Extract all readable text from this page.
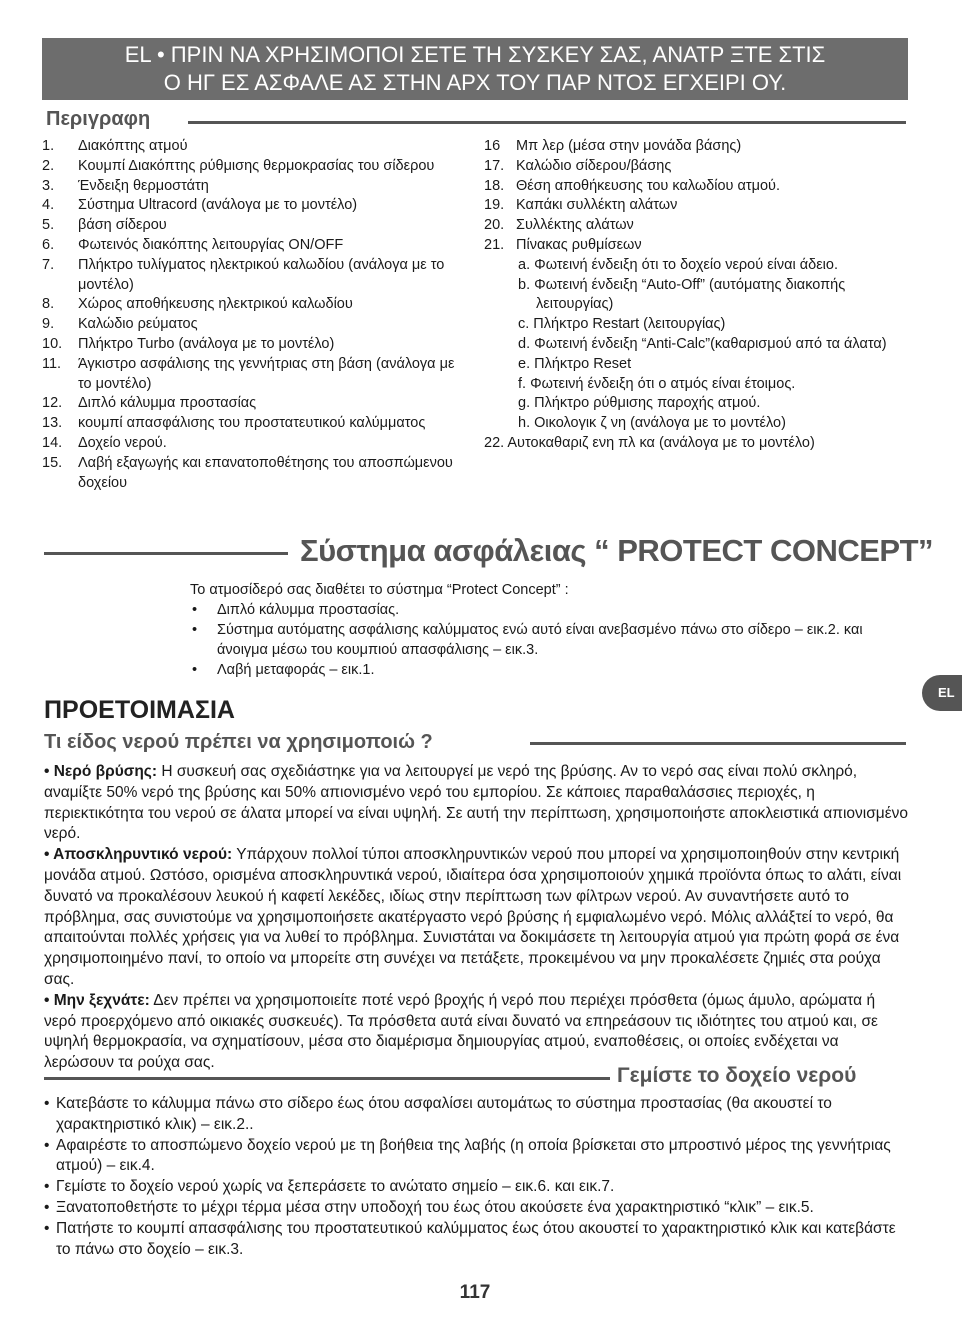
EL • ΠΡΙΝ ΝΑ ΧΡΗΣΙΜΟΠΟΙ ΣΕΤΕ ΤΗ ΣΥΣΚΕΥ ΣΑΣ, ΑΝΑΤΡ ΞΤΕ ΣΤΙΣ
Ο ΗΓ ΕΣ ΑΣΦΑΛΕ ΑΣ ΣΤΗΝ ΑΡΧ ΤΟΥ ΠΑΡ ΝΤΟΣ ΕΓΧΕΙΡΙ ΟΥ.
Περιγραφη
1.	Διακόπτης ατμού
2.	Κουμπί Διακόπτης ρύθμισης θερμοκρασίας του σίδερου
3.	Ένδειξη θερμοστάτη
4.	Σύστημα Ultracord (ανάλογα με το μοντέλο)
5.	βάση σίδερου
6.	Φωτεινός διακόπτης λειτουργίας ON/OFF
7.	Πλήκτρο τυλίγματος ηλεκτρικού καλωδίου (ανάλογα με το μοντέλο)
8.	Χώρος αποθήκευσης ηλεκτρικού καλωδίου
9.	Καλώδιο ρεύματος
10.	Πλήκτρο Turbo (ανάλογα με το μοντέλο)
11.	Άγκιστρο ασφάλισης της γεννήτριας στη βάση (ανάλογα με το μοντέλο)
12.	Διπλό κάλυμμα προστασίας
13.	κουμπί απασφάλισης του προστατευτικού καλύμματος
14.	Δοχείο νερού.
15.	Λαβή εξαγωγής και επανατοποθέτησης του αποσπώμενου δοχείου
16	Μπ λερ (μέσα στην μονάδα βάσης)
17. Καλώδιο σίδερου/βάσης
18. Θέση αποθήκευσης του καλωδίου ατμού.
19. Καπάκι συλλέκτη αλάτων
20. Συλλέκτης αλάτων
21. Πίνακας ρυθμίσεων
a. Φωτεινή ένδειξη ότι το δοχείο νερού είναι άδειο.
b. Φωτεινή ένδειξη “Auto-Off” (αυτόματης διακοπής λειτουργίας)
c. Πλήκτρο Restart (λειτουργίας)
d. Φωτεινή ένδειξη “Anti-Calc”(καθαρισμού από τα άλατα)
e. Πλήκτρο Reset
f. Φωτεινή ένδειξη ότι ο ατμός είναι έτοιμος.
g. Πλήκτρο ρύθμισης παροχής ατμού.
h. Οικολογικ ζ νη (ανάλογα με το μοντέλο)
22. Αυτοκαθαριζ ενη πλ κα (ανάλογα με το μοντέλο)
Σύστημα ασφάλειας “ PROTECT CONCEPT”
Το ατμοσίδερό σας διαθέτει το σύστημα “Protect Concept” :
• Διπλό κάλυμμα προστασίας.
• Σύστημα αυτόματης ασφάλισης καλύμματος ενώ αυτό είναι ανεβασμένο πάνω στο σίδερο – εικ.2. και άνοιγμα μέσω του κουμπιού απασφάλισης – εικ.3.
• Λαβή μεταφοράς – εικ.1.
EL
ΠΡΟΕΤΟΙΜΑΣΙΑ
Τι είδος νερού πρέπει να χρησιμοποιώ ?

• Νερό βρύσης: Η συσκευή σας σχεδιάστηκε για να λειτουργεί με νερό της βρύσης. Αν το νερό σας είναι πολύ σκληρό, αναμίξτε 50% νερό της βρύσης και 50% απιονισμένο νερό του εμπορίου. Σε κάποιες παραθαλάσσιες περιοχές, η περιεκτικότητα του νερού σε άλατα μπορεί να είναι υψηλή. Σε αυτή την περίπτωση, χρησιμοποιήστε αποκλειστικά απιονισμένο νερό.

• Αποσκληρυντικό νερού: Υπάρχουν πολλοί τύποι αποσκληρυντικών νερού που μπορεί να χρησιμοποιηθούν στην κεντρική μονάδα ατμού. Ωστόσο, ορισμένα αποσκληρυντικά νερού, ιδιαίτερα όσα χρησιμοποιούν χημικά προϊόντα όπως το αλάτι, είναι δυνατό να προκαλέσουν λευκού ή καφετί λεκέδες, ιδίως στην περίπτωση των φίλτρων νερού. Αν συναντήσετε αυτό το πρόβλημα, σας συνιστούμε να χρησιμοποιήσετε ακατέργαστο νερό βρύσης ή εμφιαλωμένο νερό. Μόλις αλλάξτεί το νερό, θα απαιτούνται πολλές χρήσεις για να λυθεί το πρόβλημα. Συνιστάται να δοκιμάσετε τη λειτουργία ατμού για πρώτη φορά σε ένα χρησιμοποιημένο πανί, το οποίο να μπορείτε στη συνέχει να πετάξετε, προκειμένου να μην προκαλέσετε ζημιές στα ρούχα σας.

• Μην ξεχνάτε: Δεν πρέπει να χρησιμοποιείτε ποτέ νερό βροχής ή νερό που περιέχει πρόσθετα (όμως άμυλο, αρώματα ή νερό προερχόμενο από οικιακές συσκευές). Τα πρόσθετα αυτά είναι δυνατό να επηρεάσουν τις ιδιότητες του ατμού και, σε υψηλή θερμοκρασία, να σχηματίσουν, μέσα στο διαμέρισμα δημιουργίας ατμού, εναποθέσεις, οι οποίες ενδέχεται να λερώσουν τα ρούχα σας.

Γεμίστε το δοχείο νερού
• Κατεβάστε το κάλυμμα πάνω στο σίδερο έως ότου ασφαλίσει αυτομάτως το σύστημα προστασίας (θα ακουστεί το χαρακτηριστικό κλικ) – εικ.2..
• Αφαιρέστε το αποσπώμενο δοχείο νερού με τη βοήθεια της λαβής (η οποία βρίσκεται στο μπροστινό μέρος της γεννήτριας ατμού) – εικ.4.
• Γεμίστε το δοχείο νερού χωρίς να ξεπεράσετε το ανώτατο σημείο – εικ.6. και εικ.7.
• Ξανατοποθετήστε το μέχρι τέρμα μέσα στην υποδοχή του έως ότου ακούσετε ένα χαρακτηριστικό “κλικ” – εικ.5.
• Πατήστε το κουμπί απασφάλισης του προστατευτικού καλύμματος έως ότου ακουστεί το χαρακτηριστικό κλικ και κατεβάστε το πάνω στο δοχείο – εικ.3.
117
